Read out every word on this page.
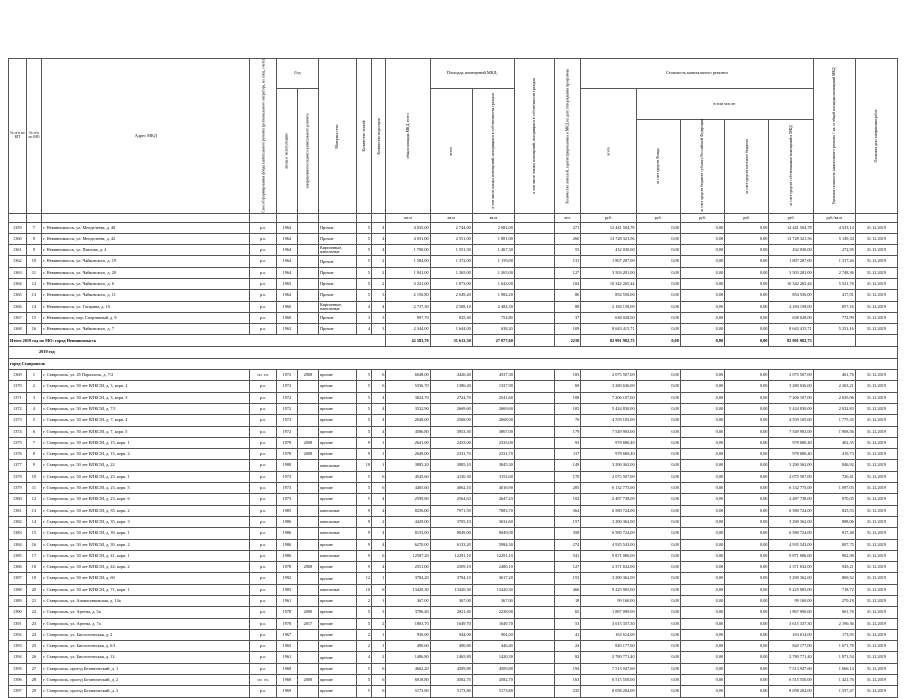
№ п/п по КП	№ п/п по МО	Адрес МКД	Способ формирования фонда капитального ремонта (регионального оператора, на спец. счете)	Год		Материал стен	Количество этажей	Количество подъездов	общая площадь МКД, всего	Площадь помещений МКД:		в том числе жилых помещений, находящихся в собственности граждан	Количество жителей, зарегистрированных в МКД на дату утверждения программы	Стоимость капитального ремонта					Удельная стоимость капитального ремонта 1 кв. м общей площади помещений МКД	Плановая дата завершения работ
				ввода в эксплуатацию	завершения последнего капитального ремонта					всего	в том числе жилых помещений, находящихся в собственности граждан			всего	в том числе:					
															за счет средств Фонда	за счет средств бюджета субъекта Российской Федерации	за счет средств местного бюджета	за счет средств собственников помещений в МКД		
									кв.м	кв.м	кв.м		чел.	руб.	руб.	руб.	руб.	руб.	руб./кв.м	
1359	7	г. Невинномысск, ул. Менделеева, д. 40	р.о.	1964		Прочие	5	4	4 035,00	2 744,00	2 082,00		271	12 441 504,78	0,00	0,00	0,00	12 441 504,78	4 523,14	31.12.2019
1360	8	г. Невинномысск, ул. Менделеева, д. 42	р.о.	1964		Прочие	5	4	4 031,00	2 551,00	1 881,00		260	13 728 321,56	0,00	0,00	0,00	13 728 321,56	5 149,34	31.12.2019
1361	9	г. Невинномысск, ул. Павлова, д. 4	р.о.	1964		Кирпичные, панельные	5	4	1 700,00	1 551,30	1 467,30		55	432 030,00	0,00	0,00	0,00	432 030,00	272,95	31.12.2019
1362	10	г. Невинномысск, ул. Чайковского, д. 19	р.о.	1964		Прочие	5	2	1 584,00	1 372,00	1 159,00		131	1 807 287,00	0,00	0,00	0,00	1 807 287,00	1 317,26	31.12.2019
1363	11	г. Невинномысск, ул. Чайковского, д. 20	р.о.	1964		Прочие	5	2	1 841,00	1 265,00	1 265,00		127	3 503 281,00	0,00	0,00	0,00	3 503 281,00	2 748,36	31.12.2019
1364	12	г. Невинномысск, ул. Чайковского, д. 6	р.о.	1965		Прочие	5	2	3 241,00	1 873,00	1 643,00		104	10 342 265,44	0,00	0,00	0,00	10 342 265,44	5 521,76	31.12.2019
1365	13	г. Невинномысск, ул. Чайковского, д. 11	р.о.	1964		Прочие	5	3	2 156,80	2 049,20	1 984,20		86	854 556,00	0,00	0,00	0,00	854 556,00	417,01	31.12.2019
1366	14	г. Невинномысск, ул. Гагарина, д. 10	р.о.	1960		Кирпичные, панельные	4	4	2 737,30	2 508,10	2 484,30		88	2 184 158,00	0,00	0,00	0,00	2 184 158,00	857,16	31.12.2019
1367	15	г. Невинномысск, пер. Спортивный, д. 9	р.о.	1960		Прочие	3	3	897,70	825,40	754,80		37	638 028,00	0,00	0,00	0,00	638 028,00	772,99	31.12.2019
1368	16	г. Невинномысск, ул. Чайковского, д. 7	р.о.	1963		Прочие	4	3	2 344,00	1 644,00	638,20		109	8 643 415,71	0,00	0,00	0,00	8 643 415,71	5 251,16	31.12.2019
Итого 2019 год по МО: город Невинномысск									42 583,70	31 612,30	27 077,60		2210	82 991 982,73	0,00	0,00	0,00	82 991 982,73		
2019 год																				
город Ставрополь																				
1369	1	г. Ставрополь, ул. 45 Параллель, д. 7/2	сп. сч.	1972	2008	прочие	5	6	6048,00	4420,40	4537,30		183	2 075 507,00	0,00	0,00	0,00	2 075 507,00	461,76	31.12.2019
1370	2	г. Ставрополь, ул. 50 лет ВЛКСМ, д. 3, корп. 2	р.о.	1972		прочие	5	6	5336,70	1386,20	1337,90		69	3 280 636,00	0,00	0,00	0,00	3 280 636,00	2 363,21	31.12.2019
1371	3	г. Ставрополь, ул. 50 лет ВЛКСМ, д. 3, корп. 3	р.о.	1972		прочие	5	4	3024,70	2724,70	2541,60		108	7 206 107,00	0,00	0,00	0,00	7 206 107,00	2 635,06	31.12.2019
1372	4	г. Ставрополь, ул. 50 лет ВЛКСМ, д. 7/1	р.о.	1972		прочие	5	4	3532,90	2669,60	2669,60		105	5 424 830,00	0,00	0,00	0,00	5 424 830,00	2 032,83	31.12.2019
1373	5	г. Ставрополь, ул. 50 лет ВЛКСМ, д. 7, корп. 4	р.о.	1972		прочие	5	4	2648,00	2568,00	2668,00		76	4 559 105,00	0,00	0,00	0,00	4 559 105,00	1 775,35	31.12.2019
1374	6	г. Ставрополь, ул. 50 лет ВЛКСМ, д. 7, корп. 5	р.о.	1972		прочие	5	4	4586,80	3953,30	3867,00		179	7 549 903,00	0,00	0,00	0,00	7 549 903,00	1 908,56	31.12.2019
1375	7	г. Ставрополь, ул. 50 лет ВЛКСМ, д. 15, корп. 1	р.о.	1978	2008	прочие	9	1	2641,00	2433,00	2335,00		93	978 680,40	0,00	0,00	0,00	978 680,40	402,35	31.12.2019
1376	8	г. Ставрополь, ул. 50 лет ВЛКСМ, д. 15, корп. 2	р.о.	1978	2008	прочие	9	1	2649,00	2331,70	2331,70		117	978 680,40	0,00	0,00	0,00	978 680,40	419,73	31.12.2019
1377	9	г. Ставрополь, ул. 50 лет ВЛКСМ, д. 22	р.о.	1988		панельные	10	1	3885,20	3885,10	3845,30		149	3 290 362,00	0,00	0,00	0,00	3 290 362,00	846,92	31.12.2019
1378	10	г. Ставрополь, ул. 50 лет ВЛКСМ, д. 23, корп. 1	р.о.	1973		прочие	5	6	4545,60	4130,30	3152,60		170	2 075 507,00	0,00	0,00	0,00	2 075 507,00	720,41	31.12.2019
1379	11	г. Ставрополь, ул. 50 лет ВЛКСМ, д. 23, корп. 5	р.о.	1973		прочие	5	6	4405,60	4062,10	4016,90		205	6 132 775,00	0,00	0,00	0,00	6 132 775,00	1 097,03	31.12.2019
1380	12	г. Ставрополь, ул. 50 лет ВЛКСМ, д. 23, корп. 6	р.о.	1973		прочие	5	4	2599,80	2564,63	2647,43		102	2 487 738,00	0,00	0,00	0,00	2 487 738,00	970,05	31.12.2019
1381	13	г. Ставрополь, ул. 50 лет ВЛКСМ, д. 35, корп. 2	р.о.	1985		панельные	9	4	8256,00	7971,50	7883,70		364	6 580 724,00	0,00	0,00	0,00	6 580 724,00	825,53	31.12.2019
1382	14	г. Ставрополь, ул. 50 лет ВЛКСМ, д. 35, корп. 3	р.о.	1986		панельные	9	2	4429,00	3705,10	3632,60		157	3 290 362,00	0,00	0,00	0,00	3 290 362,00	888,06	31.12.2019
1383	15	г. Ставрополь, ул. 50 лет ВЛКСМ, д. 39, корп. 1	р.о.	1986		панельные	9	4	8153,00	8049,00	8049,00		358	6 580 724,00	0,00	0,00	0,00	6 580 724,00	817,48	31.12.2019
1384	16	г. Ставрополь, ул. 50 лет ВЛКСМ, д. 39, корп. 2	р.о.	1986		прочие	9	4	6270,00	6133,20	5984,30		274	4 935 543,00	0,00	0,00	0,00	4 935 543,00	807,75	31.12.2019
1385	17	г. Ставрополь, ул. 50 лет ВЛКСМ, д. 41, корп. 1	р.о.	1986		панельные	9	6	12587,20	12291,10	12291,10		541	9 871 086,00	0,00	0,00	0,00	9 871 086,00	802,98	31.12.2019
1386	18	г. Ставрополь, ул. 50 лет ВЛКСМ, д. 44, корп. 2	р.о.	1978	2008	прочие	9	4	2551,00	2509,10	2480,10		127	2 371 632,00	0,00	0,00	0,00	2 371 632,00	945,21	31.12.2019
1387	19	г. Ставрополь, ул. 50 лет ВЛКСМ, д. 60	р.о.	1992		прочие	12	1	3784,20	3784,10	3617,20		153	3 290 362,00	0,00	0,00	0,00	3 290 362,00	869,52	31.12.2019
1388	20	г. Ставрополь, ул. 50 лет ВЛКСМ, д. 71, корп. 1	р.о.	1985		панельные	10	6	13420,30	13420,30	13420,30		466	9 225 905,00	0,00	0,00	0,00	9 225 905,00	718,72	31.12.2019
1389	21	г. Ставрополь, ул. Апанасенковская, д. 14а	р.о.	1961		прочие	2	1	367,00	367,00	367,00		18	99 160,00	0,00	0,00	0,00	99 160,00	270,18	31.12.2019
1390	22	г. Ставрополь, ул. Артема, д. 5а	р.о.	1978	2000	прочие	5	3	3786,40	2821,40	2238,00		65	1 867 090,00	0,00	0,00	0,00	1 867 090,00	661,76	31.12.2019
1391	23	г. Ставрополь, ул. Артема, д. 7а	р.о.	1978	2017	прочие	5	2	1803,70	1649,70	1649,70		53	3 615 337,30	0,00	0,00	0,00	3 615 337,30	2 190,36	31.12.2019
1392	24	г. Ставрополь, ул. Биологическая, д. 2	р.о.	1967		прочие	2	1	930,00	944,00	904,50		41	163 614,00	0,00	0,00	0,00	163 614,00	173,95	31.12.2019
1393	25	г. Ставрополь, ул. Биологическая, д. 6/1	р.о.	1965		прочие	2	1	490,60	490,60	446,40		24	820 177,00	0,00	0,00	0,00	820 177,00	1 671,78	31.12.2019
1394	26	г. Ставрополь, ул. Биологическая, д. 12	р.о.	1961		прочие	4	2	1486,80	1465,80	1420,30		82	2 780 771,40	0,00	0,00	0,00	2 780 771,40	1 871,54	31.12.2019
1395	27	г. Ставрополь, проезд Ботанический, д. 1	р.о.	1968		прочие	5	6	4662,20	4509,80	4509,80		194	7 513 947,60	0,00	0,00	0,00	7 513 947,60	1 666,14	31.12.2019
1396	28	г. Ставрополь, проезд Ботанический, д. 2	сп. сч.	1968	2008	прочие	5	6	6018,80	4582,70	4582,70		163	6 515 550,00	0,00	0,00	0,00	6 515 550,00	1 421,76	31.12.2019
1397	29	г. Ставрополь, проезд Ботанический, д. 3	р.о.	1969		прочие	5	6	5173,80	5173,80	5173,80		235	8 058 204,00	0,00	0,00	0,00	8 058 204,00	1 557,47	31.12.2019
